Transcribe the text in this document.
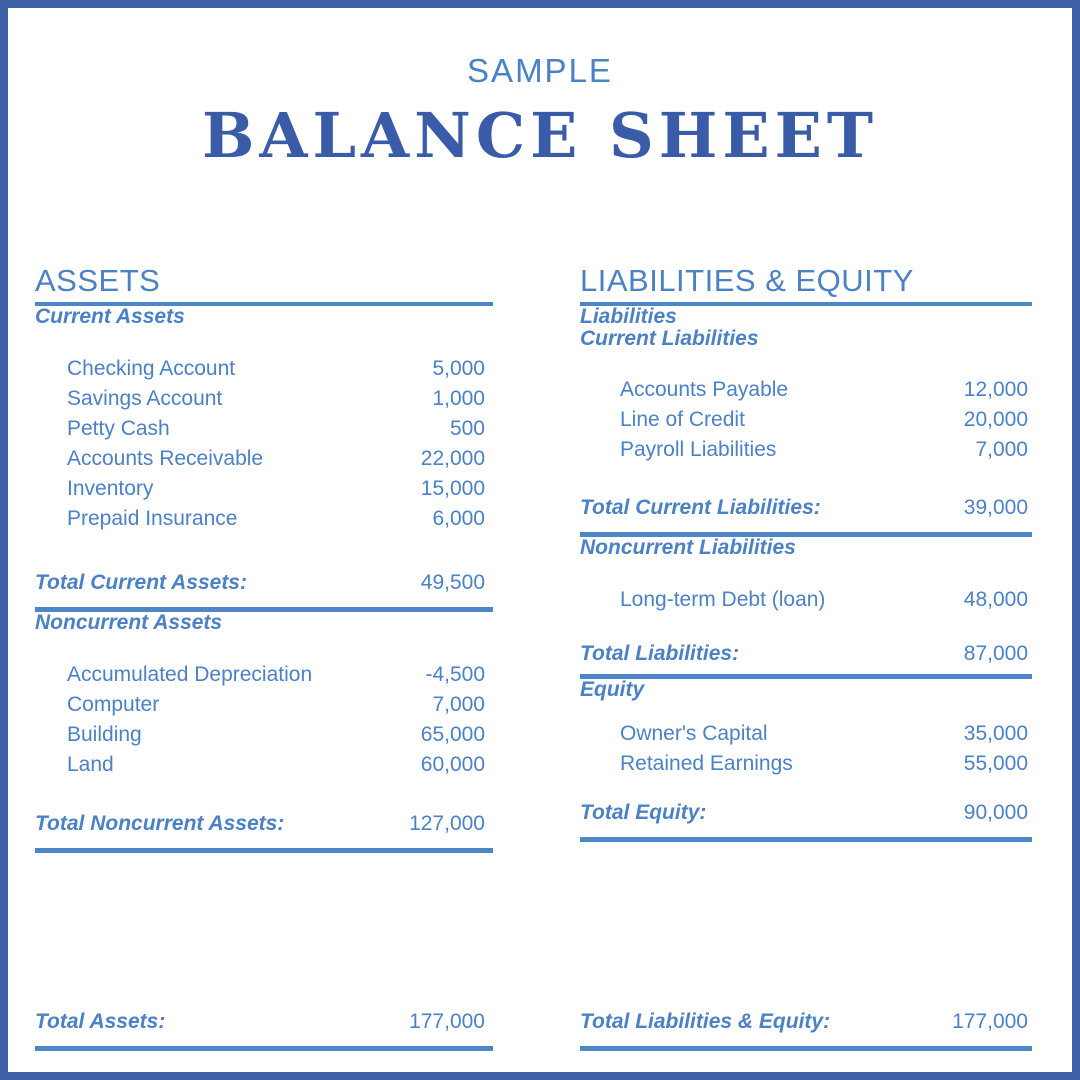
SAMPLE
BALANCE SHEET
ASSETS
Current Assets
Checking Account	5,000
Savings Account	1,000
Petty Cash	500
Accounts Receivable	22,000
Inventory	15,000
Prepaid Insurance	6,000
Total Current Assets:	49,500
Noncurrent Assets
Accumulated Depreciation	-4,500
Computer	7,000
Building	65,000
Land	60,000
Total Noncurrent Assets:	127,000
Total Assets:	177,000
LIABILITIES & EQUITY
Liabilities
Current Liabilities
Accounts Payable	12,000
Line of Credit	20,000
Payroll Liabilities	7,000
Total Current Liabilities:	39,000
Noncurrent Liabilities
Long-term Debt (loan)	48,000
Total Liabilities:	87,000
Equity
Owner's Capital	35,000
Retained Earnings	55,000
Total Equity:	90,000
Total Liabilities & Equity:	177,000
